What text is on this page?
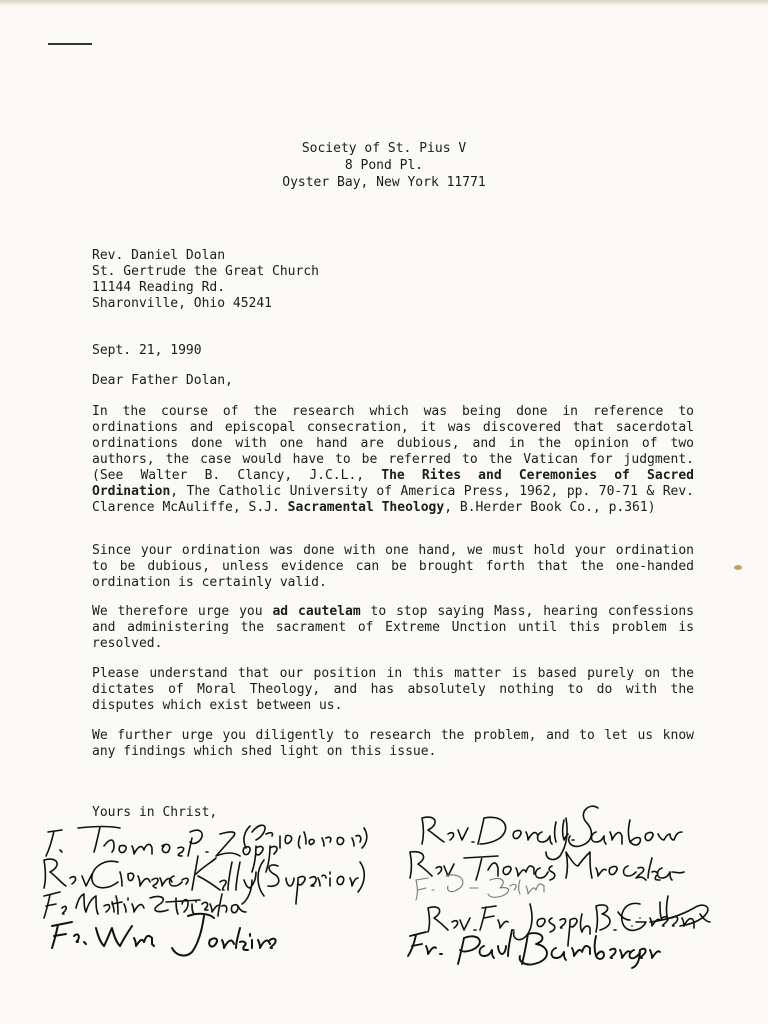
Society of St. Pius V
8 Pond Pl.
Oyster Bay, New York 11771
Rev. Daniel Dolan
St. Gertrude the Great Church
11144 Reading Rd.
Sharonville, Ohio 45241
Sept. 21, 1990
Dear Father Dolan,
In the course of the research which was being done in reference to ordinations and episcopal consecration, it was discovered that sacerdotal ordinations done with one hand are dubious, and in the opinion of two authors, the case would have to be referred to the Vatican for judgment. (See Walter B. Clancy, J.C.L., The Rites and Ceremonies of Sacred Ordination, The Catholic University of America Press, 1962, pp. 70-71 & Rev. Clarence McAuliffe, S.J. Sacramental Theology, B.Herder Book Co., p.361)
Since your ordination was done with one hand, we must hold your ordination to be dubious, unless evidence can be brought forth that the one-handed ordination is certainly valid.
We therefore urge you ad cautelam to stop saying Mass, hearing confessions and administering the sacrament of Extreme Unction until this problem is resolved.
Please understand that our position in this matter is based purely on the dictates of Moral Theology, and has absolutely nothing to do with the disputes which exist between us.
We further urge you diligently to research the problem, and to let us know any findings which shed light on this issue.
Yours in Christ,
